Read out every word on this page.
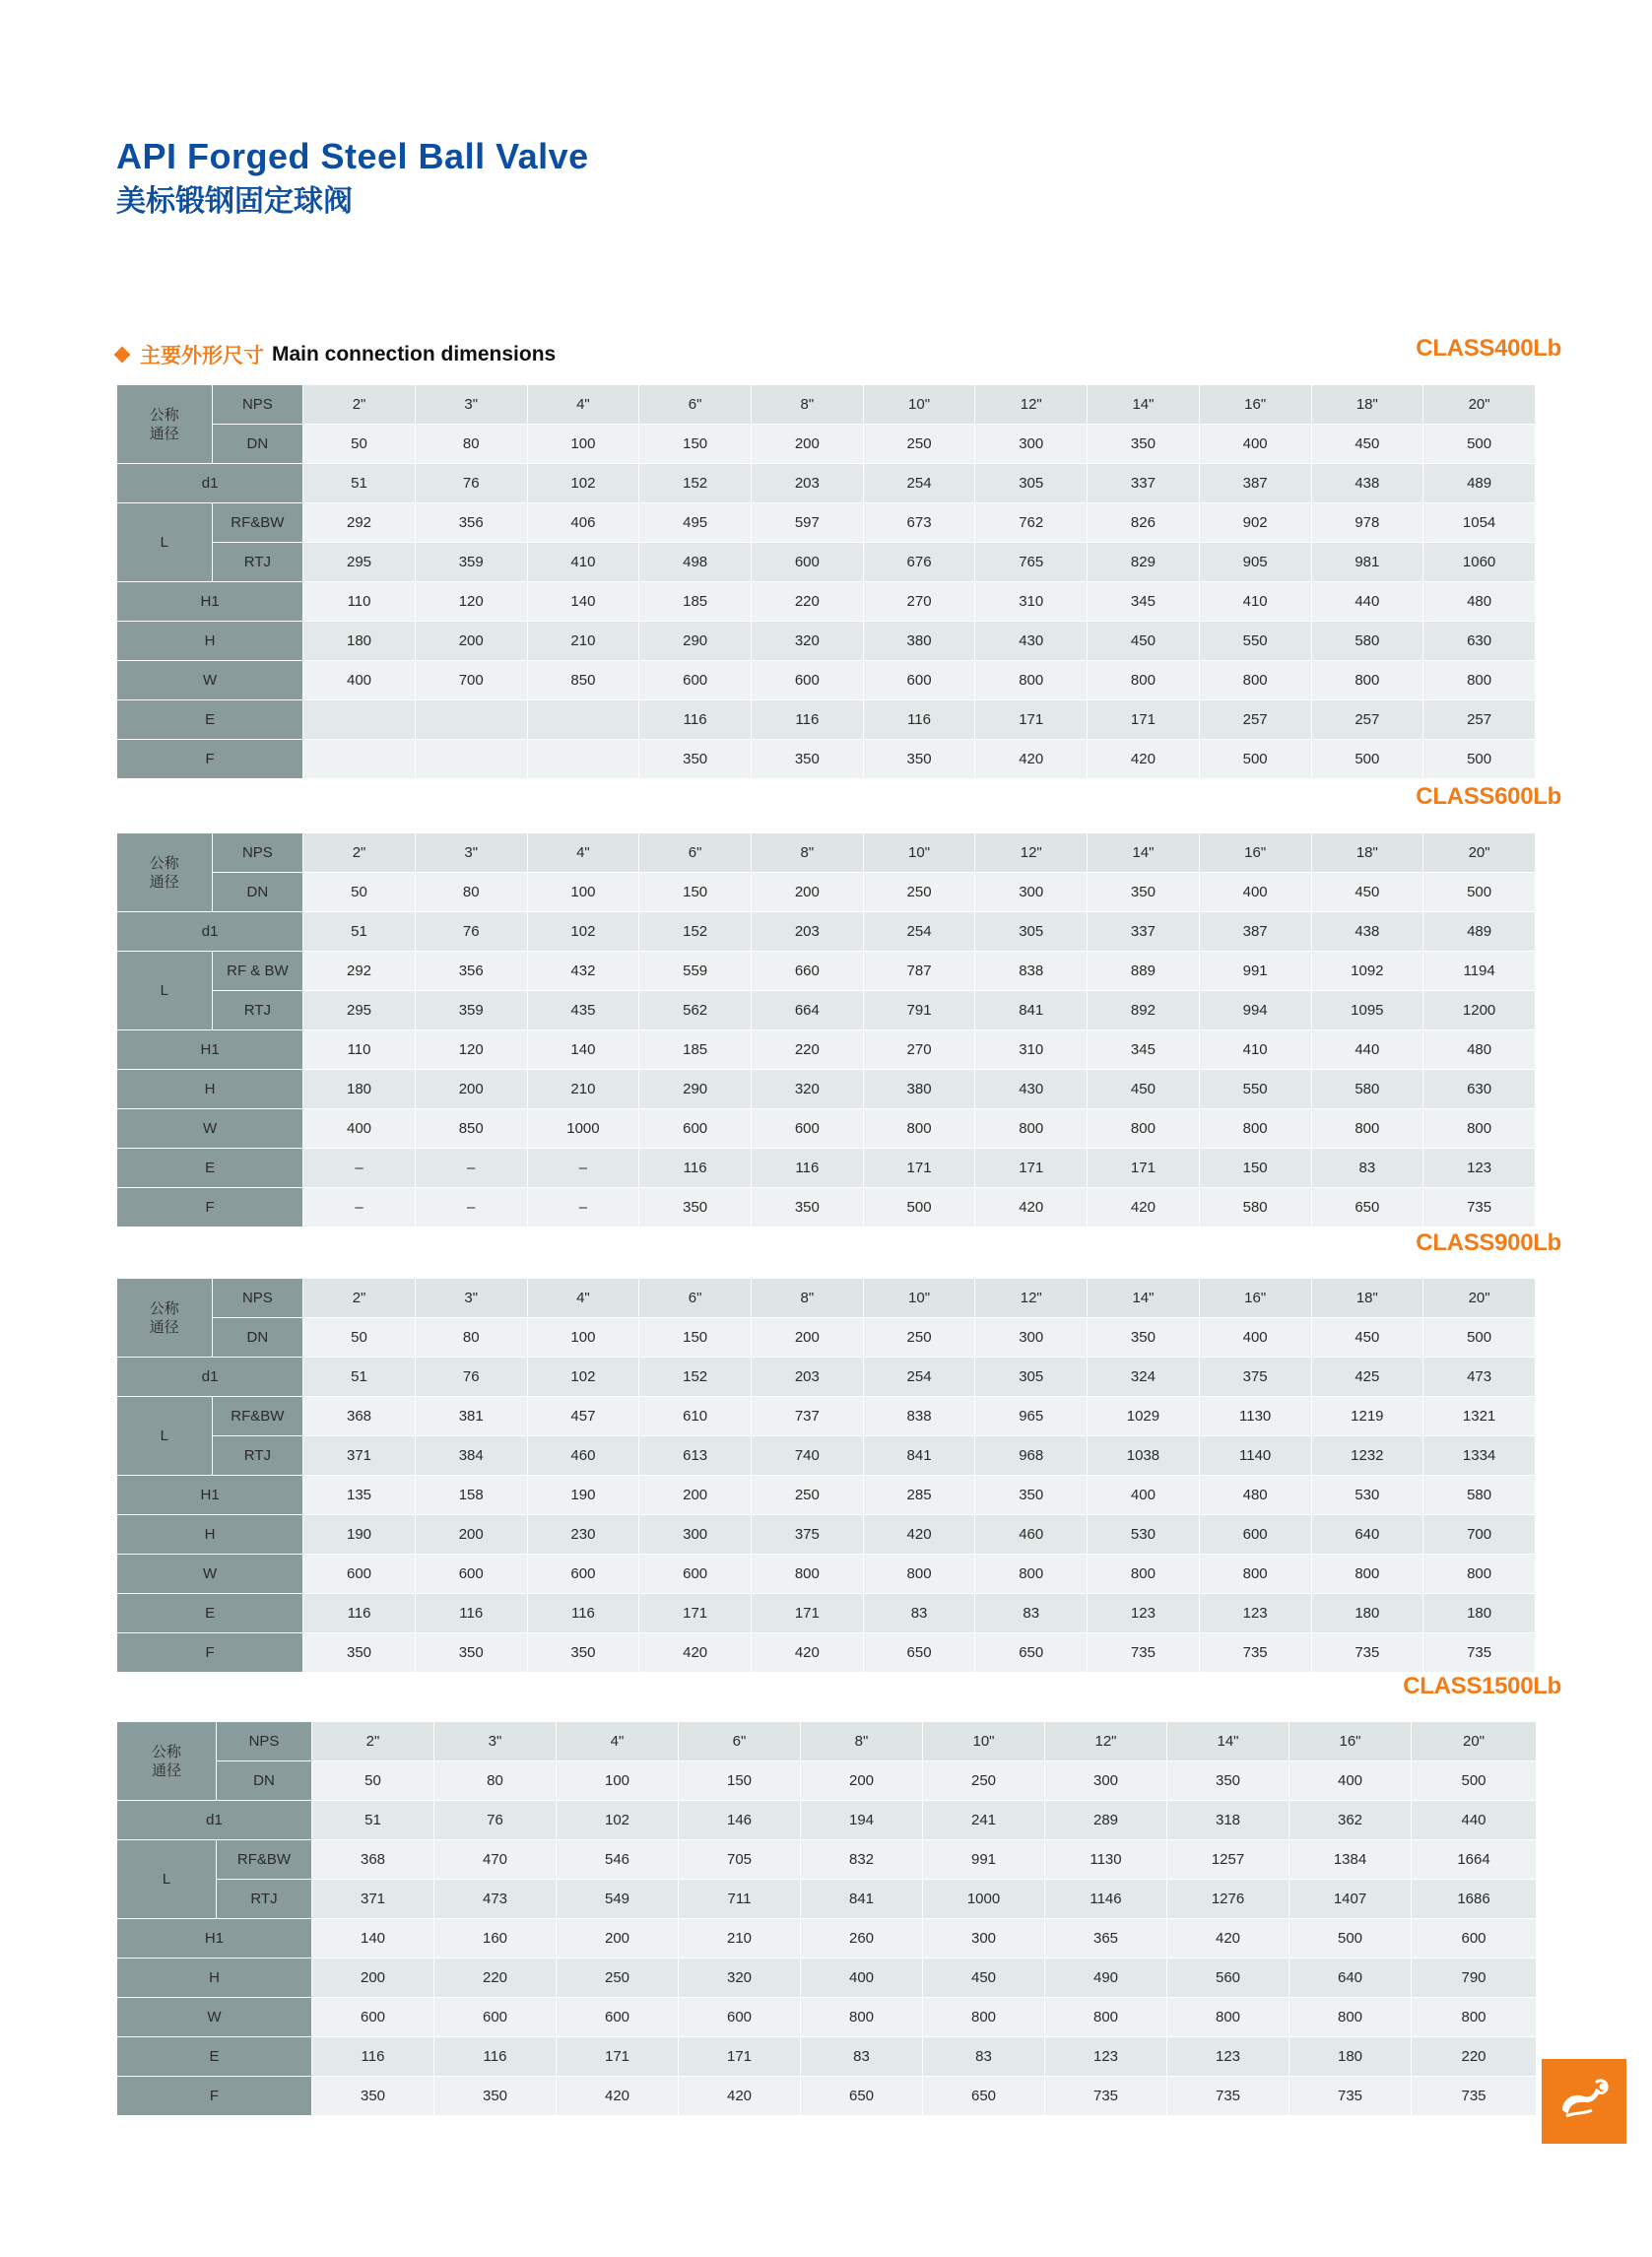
API Forged Steel Ball Valve
美标锻钢固定球阀
主要外形尺寸 Main connection dimensions	CLASS400Lb
公称
通径	NPS	2"	3"	4"	6"	8"	10"	12"	14"	16"	18"	20"
	DN	50	80	100	150	200	250	300	350	400	450	500
d1		51	76	102	152	203	254	305	337	387	438	489
L	RF&BW	292	356	406	495	597	673	762	826	902	978	1054
	RTJ	295	359	410	498	600	676	765	829	905	981	1060
H1		110	120	140	185	220	270	310	345	410	440	480
H		180	200	210	290	320	380	430	450	550	580	630
W		400	700	850	600	600	600	800	800	800	800	800
E					116	116	116	171	171	257	257	257
F					350	350	350	420	420	500	500	500
CLASS600Lb
公称
通径	NPS	2"	3"	4"	6"	8"	10"	12"	14"	16"	18"	20"
	DN	50	80	100	150	200	250	300	350	400	450	500
d1		51	76	102	152	203	254	305	337	387	438	489
L	RF & BW	292	356	432	559	660	787	838	889	991	1092	1194
	RTJ	295	359	435	562	664	791	841	892	994	1095	1200
H1		110	120	140	185	220	270	310	345	410	440	480
H		180	200	210	290	320	380	430	450	550	580	630
W		400	850	1000	600	600	800	800	800	800	800	800
E		–	–	–	116	116	171	171	171	150	83	123
F		–	–	–	350	350	500	420	420	580	650	735
CLASS900Lb
公称
通径	NPS	2"	3"	4"	6"	8"	10"	12"	14"	16"	18"	20"
	DN	50	80	100	150	200	250	300	350	400	450	500
d1		51	76	102	152	203	254	305	324	375	425	473
L	RF&BW	368	381	457	610	737	838	965	1029	1130	1219	1321
	RTJ	371	384	460	613	740	841	968	1038	1140	1232	1334
H1		135	158	190	200	250	285	350	400	480	530	580
H		190	200	230	300	375	420	460	530	600	640	700
W		600	600	600	600	800	800	800	800	800	800	800
E		116	116	116	171	171	83	83	123	123	180	180
F		350	350	350	420	420	650	650	735	735	735	735
CLASS1500Lb
公称
通径	NPS	2"	3"	4"	6"	8"	10"	12"	14"	16"	20"
	DN	50	80	100	150	200	250	300	350	400	500
d1		51	76	102	146	194	241	289	318	362	440
L	RF&BW	368	470	546	705	832	991	1130	1257	1384	1664
	RTJ	371	473	549	711	841	1000	1146	1276	1407	1686
H1		140	160	200	210	260	300	365	420	500	600
H		200	220	250	320	400	450	490	560	640	790
W		600	600	600	600	800	800	800	800	800	800
E		116	116	171	171	83	83	123	123	180	220
F		350	350	420	420	650	650	735	735	735	735
